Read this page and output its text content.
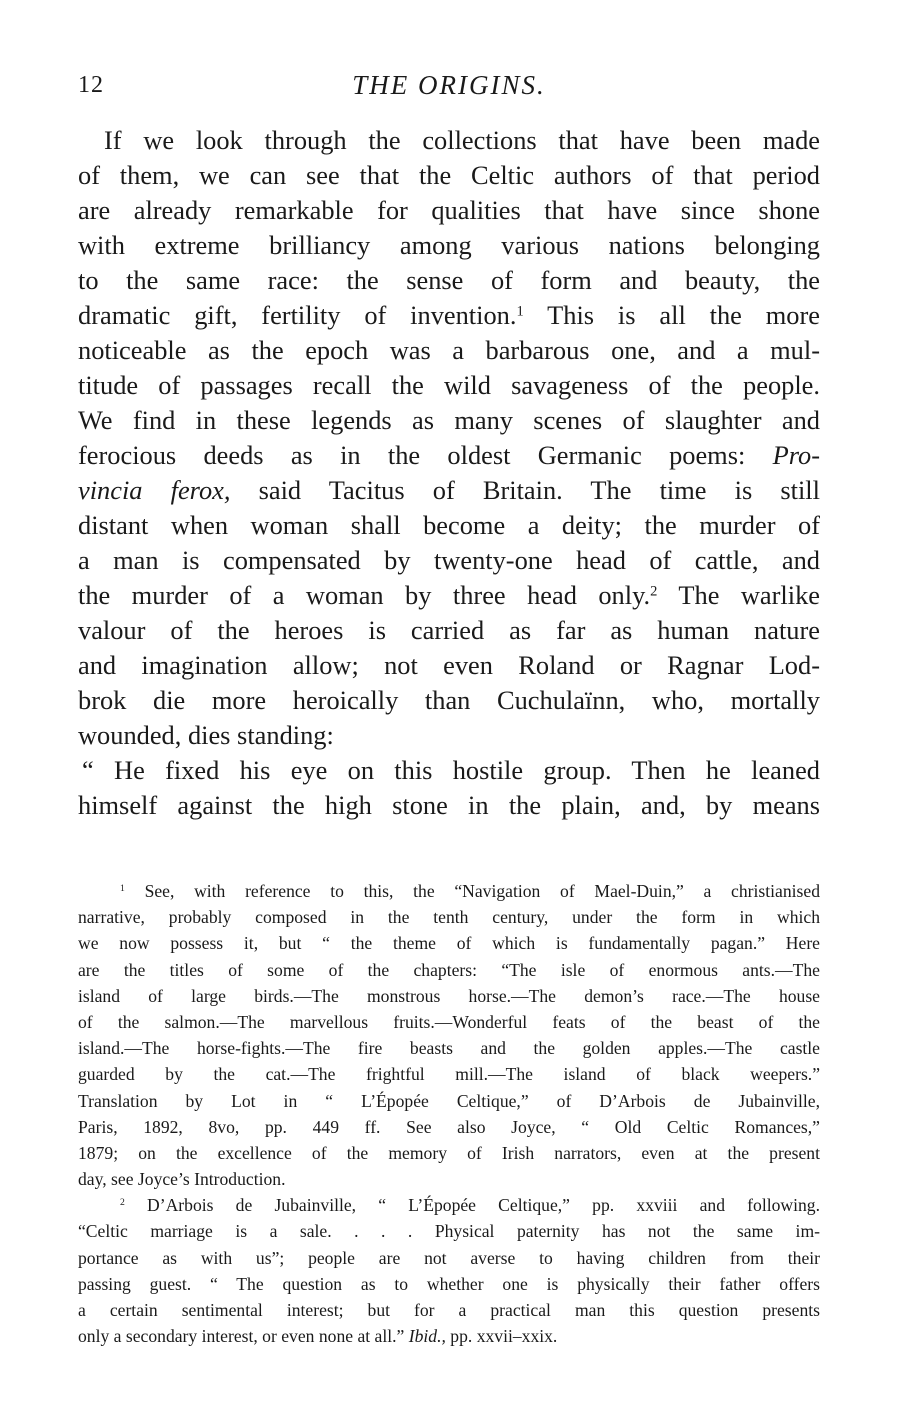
12	THE ORIGINS.
If we look through the collections that have been made
of them, we can see that the Celtic authors of that period
are already remarkable for qualities that have since shone
with extreme brilliancy among various nations belonging
to the same race: the sense of form and beauty, the
dramatic gift, fertility of invention.$^1$ This is all the more
noticeable as the epoch was a barbarous one, and a mul-
titude of passages recall the wild savageness of the people.
We find in these legends as many scenes of slaughter and
ferocious deeds as in the oldest Germanic poems: Pro-
vincia ferox, said Tacitus of Britain. The time is still
distant when woman shall become a deity; the murder of
a man is compensated by twenty-one head of cattle, and
the murder of a woman by three head only.$^2$ The warlike
valour of the heroes is carried as far as human nature
and imagination allow; not even Roland or Ragnar Lod-
brok die more heroically than Cuchulaïnn, who, mortally
wounded, dies standing:
“ He fixed his eye on this hostile group. Then he leaned
himself against the high stone in the plain, and, by means
$^1$ See, with reference to this, the “Navigation of Mael-Duin,” a christianised
narrative, probably composed in the tenth century, under the form in which
we now possess it, but “ the theme of which is fundamentally pagan.” Here
are the titles of some of the chapters: “The isle of enormous ants.—The
island of large birds.—The monstrous horse.—The demon’s race.—The house
of the salmon.—The marvellous fruits.—Wonderful feats of the beast of the
island.—The horse-fights.—The fire beasts and the golden apples.—The castle
guarded by the cat.—The frightful mill.—The island of black weepers.”
Translation by Lot in “ L’Épopée Celtique,” of D’Arbois de Jubainville,
Paris, 1892, 8vo, pp. 449 ff. See also Joyce, “ Old Celtic Romances,”
1879; on the excellence of the memory of Irish narrators, even at the present
day, see Joyce’s Introduction.
$^2$ D’Arbois de Jubainville, “ L’Épopée Celtique,” pp. xxviii and following.
“Celtic marriage is a sale. . . . Physical paternity has not the same im-
portance as with us”; people are not averse to having children from their
passing guest. “ The question as to whether one is physically their father offers
a certain sentimental interest; but for a practical man this question presents
only a secondary interest, or even none at all.” Ibid., pp. xxvii–xxix.
